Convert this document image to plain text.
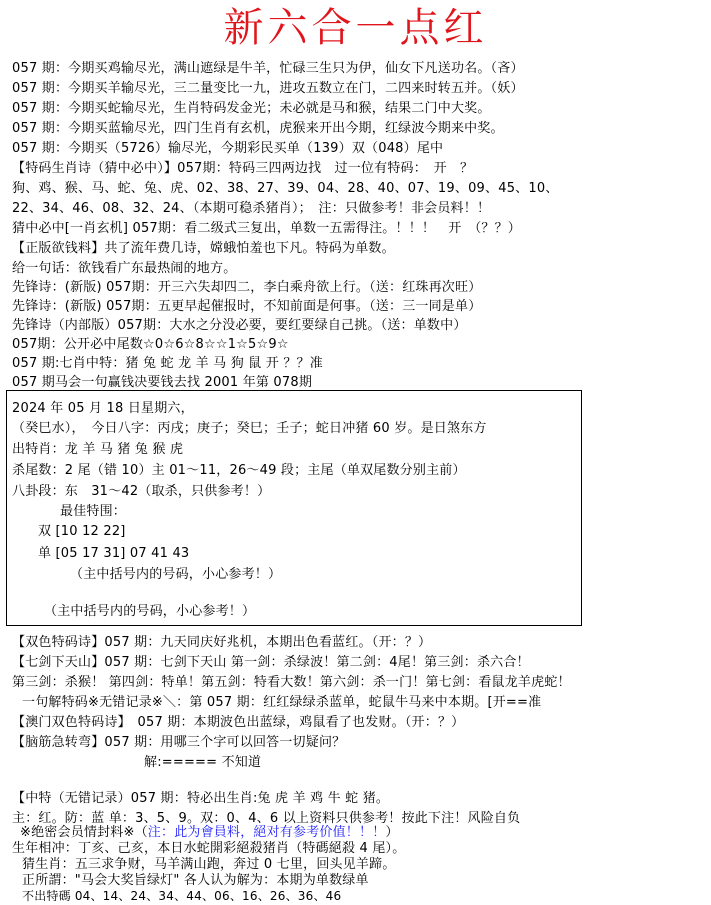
新六合一点红
057 期：今期买鸡输尽光，满山遮绿是牛羊，忙碌三生只为伊，仙女下凡送功名。（吝）
057 期：今期买羊输尽光，三二量变比一九，进攻五数立在门，二四来时转五并。（妖）
057 期：今期买蛇输尽光，生肖特码发金光；未必就是马和猴，结果二门中大奖。
057 期：今期买蓝输尽光，四门生肖有玄机，虎猴来开出今期，红绿波今期来中奖。
057 期：今期买（5726）输尽光，今期彩民买单（139）双（048）尾中
【特码生肖诗（猜中必中）】057期：特码三四两边找　过一位有特码：　开　？
狗、鸡、猴、马、蛇、兔、虎、02、38、27、39、04、28、40、07、19、09、45、10、
22、34、46、08、32、24、（本期可稳杀猪肖）；　注：只做参考！非会员料！！
猜中必中[一肖玄机] 057期：看二级式三复出，单数一五需得注。！！！　开　（？？）
【正版欲钱料】共了流年费几诗，嫦蛾怕羞也下凡。特码为单数。
给一句话：欲钱看广东最热闹的地方。
先锋诗：(新版) 057期：开三六失却四二，李白乘舟欲上行。（送：红珠再次旺）
先锋诗：(新版) 057期：五更早起催报时，不知前面是何事。（送：三一同是单）
先锋诗（内部版）057期：大水之分没必要，要红要绿自己挑。（送：单数中）
057期：公开必中尾数☆0☆6☆8☆☆1☆5☆9☆
057 期:七肖中特：猪 兔 蛇 龙 羊 马 狗 鼠 开 ？？准
057 期马会一句赢钱决要钱去找 2001 年第 078期
2024 年 05 月 18 日星期六，
（癸巳水），　今日八字：丙戌；庚子；癸巳；壬子；蛇日冲猪 60 岁。是日煞东方
出特肖：龙 羊 马 猪 兔 猴 虎
杀尾数：2 尾（错 10）主 01～11，26～49 段；主尾（单双尾数分别主前）
八卦段：东　31～42（取杀，只供参考！）
最佳特围：
双 [10 12 22]
单 [05 17 31] 07 41 43
（主中括号内的号码，小心参考！）
（主中括号内的号码，小心参考！）
【双色特码诗】057 期：九天同庆好兆机，本期出色看蓝红。（开：？）
【七剑下天山】057 期：七剑下天山 第一剑：杀绿波！第二剑：4尾！第三剑：杀六合！
第三剑：杀猴！ 第四剑：特单！第五剑：特看大数！第六剑：杀一门！第七剑：看鼠龙羊虎蛇！
一句解特码※无错记录※＼：第 057 期：红红绿绿杀蓝单，蛇鼠牛马来中本期。[开==准
【澳门双色特码诗】　057 期：本期波色出蓝绿，鸡鼠看了也发财。（开：？）
【脑筋急转弯】057 期：用哪三个字可以回答一切疑问？
解:===== 不知道
【中特（无错记录）057 期：特必出生肖:兔 虎 羊 鸡 牛 蛇 猪。
主：红。防：蓝 单：3、5、9。双：0、4、6 以上资料只供参考！按此下注！风险自负
※绝密会员情封料※（注：此为會員料，絕对有参考价值！！！）
生年相冲：丁亥、己亥，本日水蛇開彩絕殺猪肖（特碼絕殺 4 尾）。
猜生肖：五三求争财，马羊满山跑，奔过 0 七里，回头见羊蹄。
正所謂："马会大奖旨绿灯" 各人认为解为：本期为单数绿单
不出特碼 04、14、24、34、44、06、16、26、36、46
